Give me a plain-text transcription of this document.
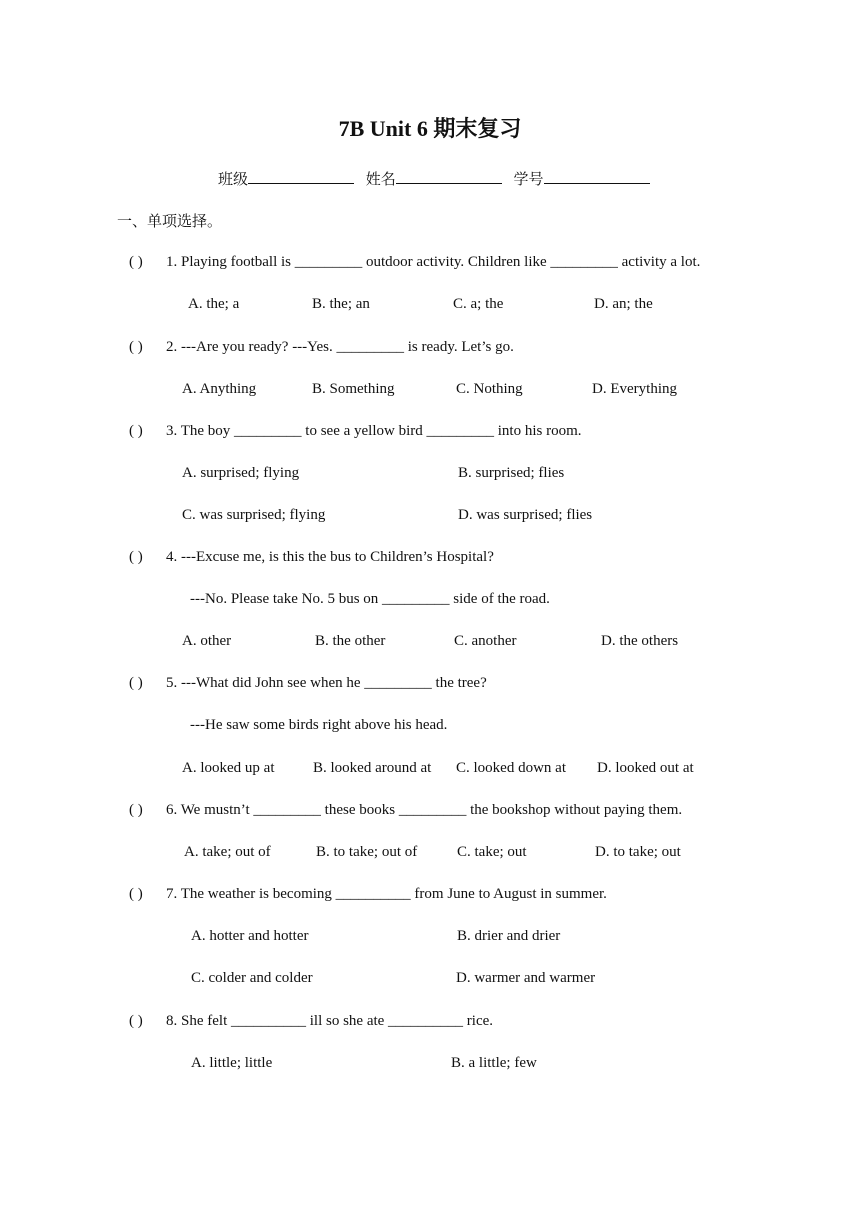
7B Unit 6 期末复习
班级	姓名	学号
一、单项选择。
( ) 1. Playing football is _________ outdoor activity. Children like _________ activity a lot.
A. the; a	B. the; an	C. a; the	D. an; the
( ) 2. ---Are you ready? ---Yes. _________ is ready. Let’s go.
A. Anything	B. Something	C. Nothing	D. Everything
( ) 3. The boy _________ to see a yellow bird _________ into his room.
A. surprised; flying	B. surprised; flies
C. was surprised; flying	D. was surprised; flies
( ) 4. ---Excuse me, is this the bus to Children’s Hospital?
---No. Please take No. 5 bus on _________ side of the road.
A. other	B. the other	C. another	D. the others
( ) 5. ---What did John see when he _________ the tree?
---He saw some birds right above his head.
A. looked up at	B. looked around at C. looked down at D. looked out at
( ) 6. We mustn’t _________ these books _________ the bookshop without paying them.
A. take; out of	B. to take; out of	C. take; out	D. to take; out
( ) 7. The weather is becoming __________ from June to August in summer.
A. hotter and hotter	B. drier and drier
C. colder and colder	D. warmer and warmer
( ) 8. She felt __________ ill so she ate __________ rice.
A. little; little	B. a little; few
